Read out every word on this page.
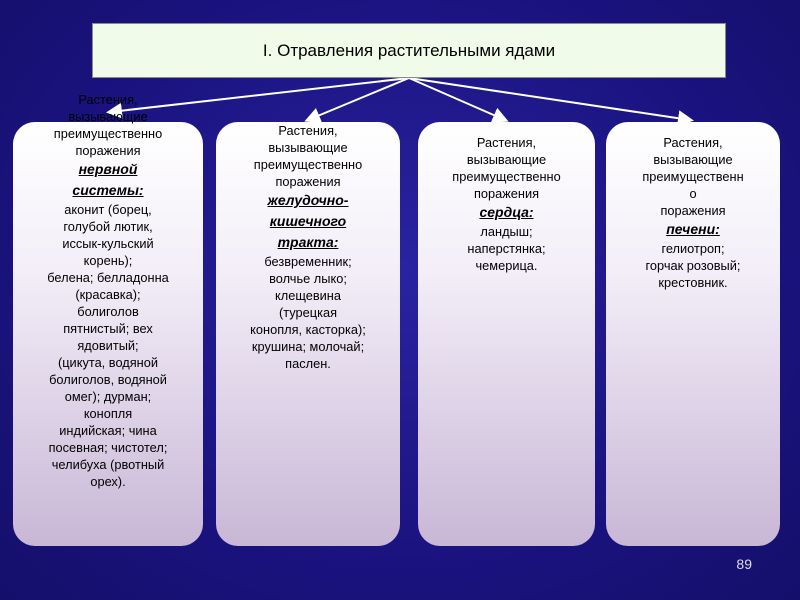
I. Отравления растительными ядами
Растения,
вызывающие
преимущественно
поражения
нервной
системы:
аконит (борец,
голубой лютик,
иссык-кульский
корень);
белена; белладонна
(красавка);
болиголов
пятнистый; вех
ядовитый;
(цикута, водяной
болиголов, водяной
омег); дурман;
конопля
индийская; чина
посевная; чистотел;
челибуха (рвотный
орех).
Растения,
вызывающие
преимущественно
поражения
желудочно-
кишечного
тракта:
безвременник;
волчье лыко;
клещевина
(турецкая
конопля, касторка);
крушина; молочай;
паслен.
Растения,
вызывающие
преимущественно
поражения
сердца:
ландыш;
наперстянка;
чемерица.
Растения,
вызывающие
преимущественн
о
поражения
печени:
гелиотроп;
горчак розовый;
крестовник.
89
